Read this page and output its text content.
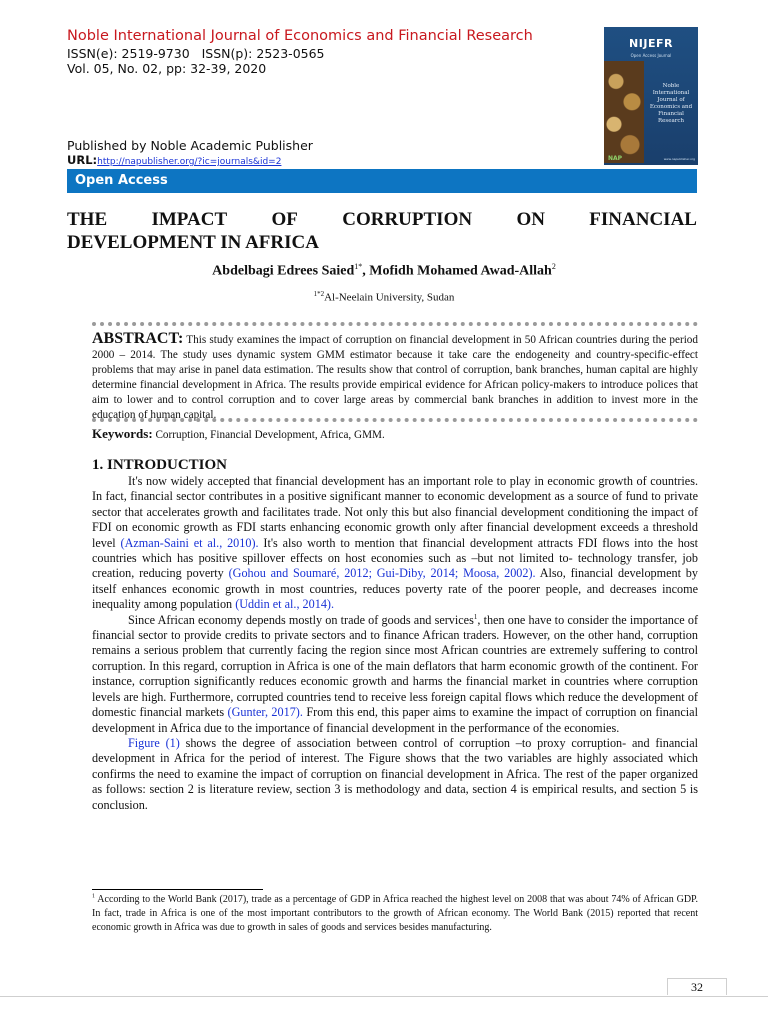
Noble International Journal of Economics and Financial Research
ISSN(e): 2519-9730   ISSN(p): 2523-0565
Vol. 05, No. 02, pp: 32-39, 2020
NIJEFR
Open Access Journal
Noble International Journal of Economics and Financial Research
NAP	www.napublisher.org
Published by Noble Academic Publisher
URL:http://napublisher.org/?ic=journals&id=2
Open Access
THE IMPACT OF CORRUPTION ON FINANCIAL
DEVELOPMENT IN AFRICA
Abdelbagi Edrees Saied$^{1*}$, Mofidh Mohamed Awad-Allah$^2$
$^{1*2}$Al-Neelain University, Sudan
ABSTRACT: This study examines the impact of corruption on financial development in 50 African countries during the period 2000 – 2014. The study uses dynamic system GMM estimator because it take care the endogeneity and country-specific-effect problems that may arise in panel data estimation. The results show that control of corruption, bank branches, human capital are highly determine financial development in Africa. The results provide empirical evidence for African policy-makers to introduce polices that aim to lower and to control corruption and to cover large areas by commercial bank branches in addition to invest more in the education of human capital.
Keywords: Corruption, Financial Development, Africa, GMM.
1. INTRODUCTION

It's now widely accepted that financial development has an important role to play in economic growth of countries. In fact, financial sector contributes in a positive significant manner to economic development as a source of fund to private sector that accelerates growth and facilitates trade. Not only this but also financial development conditioning the impact of FDI on economic growth as FDI starts enhancing economic growth only after financial development exceeds a threshold level (Azman-Saini et al., 2010). It's also worth to mention that financial development attracts FDI flows into the host countries which has positive spillover effects on host economies such as –but not limited to- technology transfer, job creation, reducing poverty (Gohou and Soumaré, 2012; Gui-Diby, 2014; Moosa, 2002). Also, financial development by itself enhances economic growth in most countries, reduces poverty rate of the poorer people, and decreases income inequality among population (Uddin et al., 2014).

Since African economy depends mostly on trade of goods and services$^1$, then one have to consider the importance of financial sector to provide credits to private sectors and to finance African traders. However, on the other hand, corruption remains a serious problem that currently facing the region since most African countries are extremely suffering to control corruption. In this regard, corruption in Africa is one of the main deflators that harm economic growth of the continent. For instance, corruption significantly reduces economic growth and harms the financial market in countries where corruption levels are high. Furthermore, corrupted countries tend to receive less foreign capital flows which reduce the development of domestic financial markets (Gunter, 2017). From this end, this paper aims to examine the impact of corruption on financial development in Africa due to the importance of financial development in the performance of the economies.

Figure (1) shows the degree of association between control of corruption –to proxy corruption- and financial development in Africa for the period of interest. The Figure shows that the two variables are highly associated which confirms the need to examine the impact of corruption on financial development in Africa. The rest of the paper organized as follows: section 2 is literature review, section 3 is methodology and data, section 4 is empirical results, and section 5 is conclusion.

$^1$ According to the World Bank (2017), trade as a percentage of GDP in Africa reached the highest level on 2008 that was about 74% of African GDP. In fact, trade in Africa is one of the most important contributors to the growth of African economy. The World Bank (2015) reported that recent economic growth in Africa was due to growth in sales of goods and services besides manufacturing.
32
